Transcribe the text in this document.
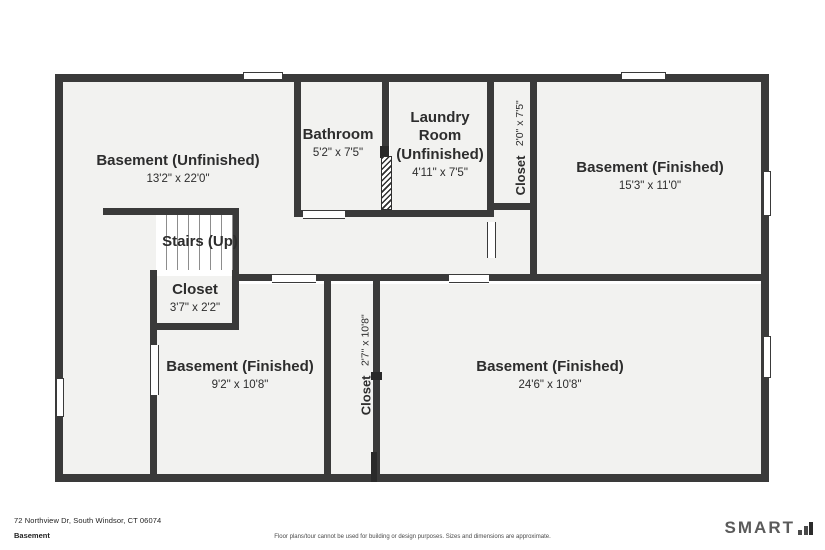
Basement (Unfinished)
13'2" x 22'0"
Bathroom
5'2" x 7'5"
Laundry
Room
(Unfinished)
4'11" x 7'5"	Closet 2'0" x 7'5"
Basement (Finished)
15'3" x 11'0"
Stairs (Up)
Closet
3'7" x 2'2"
Basement (Finished)
9'2" x 10'8"	Closet 2'7" x 10'8"
Basement (Finished)
24'6" x 10'8"
72 Northview Dr, South Windsor, CT 06074
Basement	Floor plans/tour cannot be used for building or design purposes. Sizes and dimensions are approximate.	SMART
